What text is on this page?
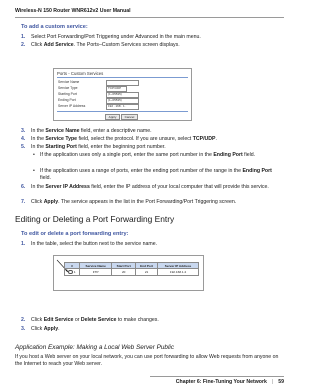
Wireless-N 150 Router WNR612v2 User Manual
To add a custom service:
1. Select Port Forwarding/Port Triggering under Advanced in the main menu.
2. Click Add Service. The Ports–Custom Services screen displays.
Ports - Custom Services
Service Name
Service Type	TCP/UDP
Starting Port	(1~65535)
Ending Port	(1~65535)
Server IP Address	192 . 168 . 1 .
Apply	Cancel
3. In the Service Name field, enter a descriptive name.
4. In the Service Type field, select the protocol. If you are unsure, select TCP/UDP.
5. In the Starting Port field, enter the beginning port number.
• If the application uses only a single port, enter the same port number in the Ending Port field.
• If the application uses a range of ports, enter the ending port number of the range in the Ending Port field.
6. In the Server IP Address field, enter the IP address of your local computer that will provide this service.
7. Click Apply. The service appears in the list in the Port Forwarding/Port Triggering screen.
Editing or Deleting a Port Forwarding Entry
To edit or delete a port forwarding entry:
1. In the table, select the button next to the service name.
#	Service Name	Start Port	End Port	Server IP Address
1	FTP	20	21	192.168.1.2
2. Click Edit Service or Delete Service to make changes.
3. Click Apply.
Application Example: Making a Local Web Server Public
If you host a Web server on your local network, you can use port forwarding to allow Web requests from anyone on the Internet to reach your Web server.
Chapter 6: Fine-Tuning Your Network | 59
